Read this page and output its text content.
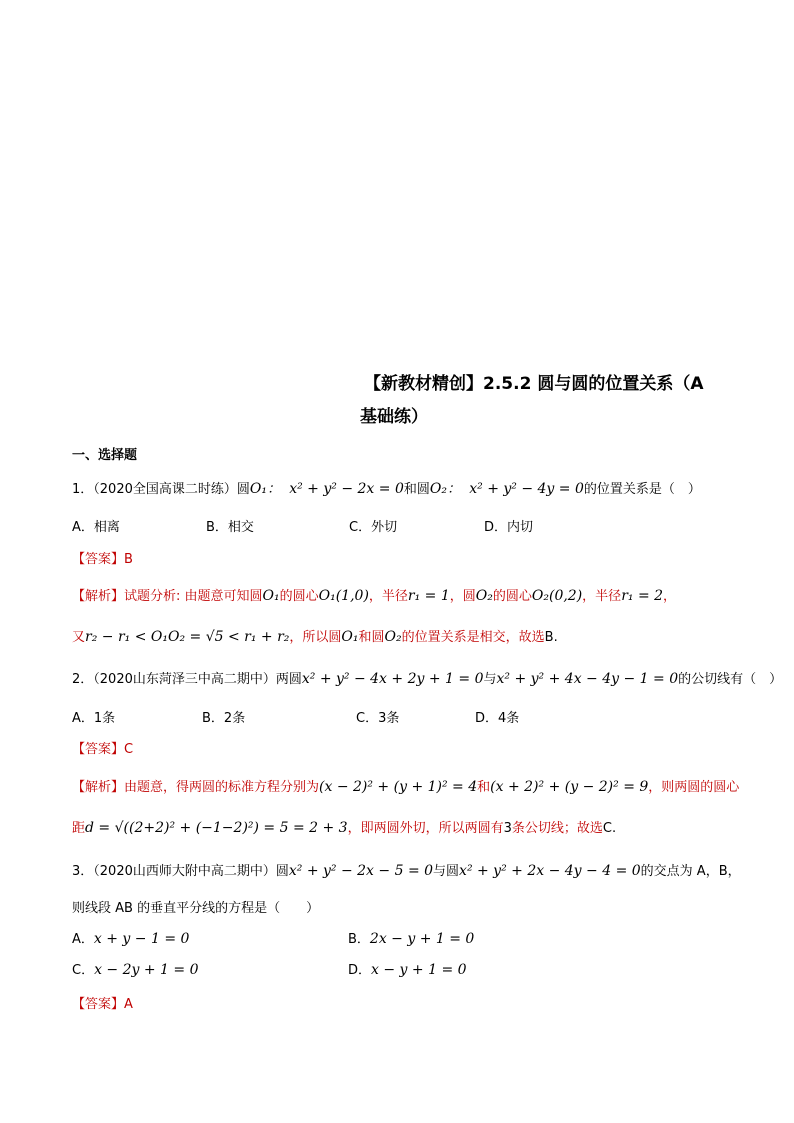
【新教材精创】2.5.2 圆与圆的位置关系（A
基础练）
一、选择题
1．（2020全国高课二时练）圆O₁： x² + y² − 2x = 0和圆O₂： x² + y² − 4y = 0的位置关系是（　）
A．相离	B．相交	C．外切	D．内切
【答案】B
【解析】试题分析: 由题意可知圆O₁的圆心O₁(1,0)，半径r₁ = 1，圆O₂的圆心O₂(0,2)，半径r₁ = 2，
又r₂ − r₁ < O₁O₂ = √5 < r₁ + r₂，所以圆O₁和圆O₂的位置关系是相交，故选B.
2．（2020山东菏泽三中高二期中）两圆x² + y² − 4x + 2y + 1 = 0与x² + y² + 4x − 4y − 1 = 0的公切线有（　）
A．1条	B．2条	C．3条	D．4条
【答案】C
【解析】由题意，得两圆的标准方程分别为(x − 2)² + (y + 1)² = 4和(x + 2)² + (y − 2)² = 9，则两圆的圆心
距d = √((2+2)² + (−1−2)²) = 5 = 2 + 3，即两圆外切，所以两圆有3条公切线；故选C.
3．（2020山西师大附中高二期中）圆x² + y² − 2x − 5 = 0与圆x² + y² + 2x − 4y − 4 = 0的交点为 A，B，
则线段 AB 的垂直平分线的方程是（　　）
A．x + y − 1 = 0	B．2x − y + 1 = 0
C．x − 2y + 1 = 0	D．x − y + 1 = 0
【答案】A
